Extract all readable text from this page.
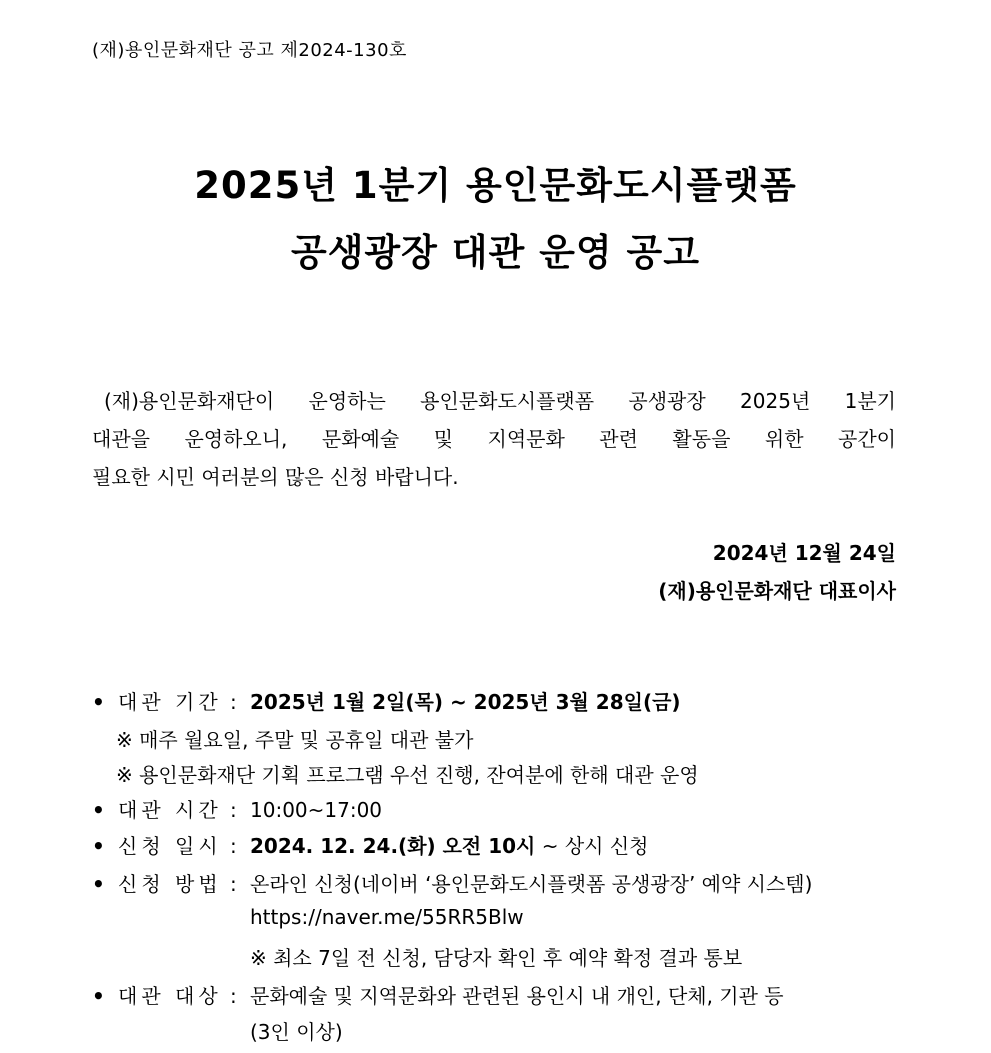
(재)용인문화재단 공고 제2024-130호
2025년 1분기 용인문화도시플랫폼
공생광장 대관 운영 공고
(재)용인문화재단이 운영하는 용인문화도시플랫폼 공생광장 2025년 1분기
대관을 운영하오니, 문화예술 및 지역문화 관련 활동을 위한 공간이
필요한 시민 여러분의 많은 신청 바랍니다.
2024년 12월 24일
(재)용인문화재단 대표이사
• 대관 기간 : 2025년 1월 2일(목) ~ 2025년 3월 28일(금)
※ 매주 월요일, 주말 및 공휴일 대관 불가
※ 용인문화재단 기획 프로그램 우선 진행, 잔여분에 한해 대관 운영
• 대관 시간 : 10:00~17:00
• 신청 일시 : 2024. 12. 24.(화) 오전 10시 ~ 상시 신청
• 신청 방법 : 온라인 신청(네이버 ‘용인문화도시플랫폼 공생광장’ 예약 시스템)
https://naver.me/55RR5Blw
※ 최소 7일 전 신청, 담당자 확인 후 예약 확정 결과 통보
• 대관 대상 : 문화예술 및 지역문화와 관련된 용인시 내 개인, 단체, 기관 등
(3인 이상)
